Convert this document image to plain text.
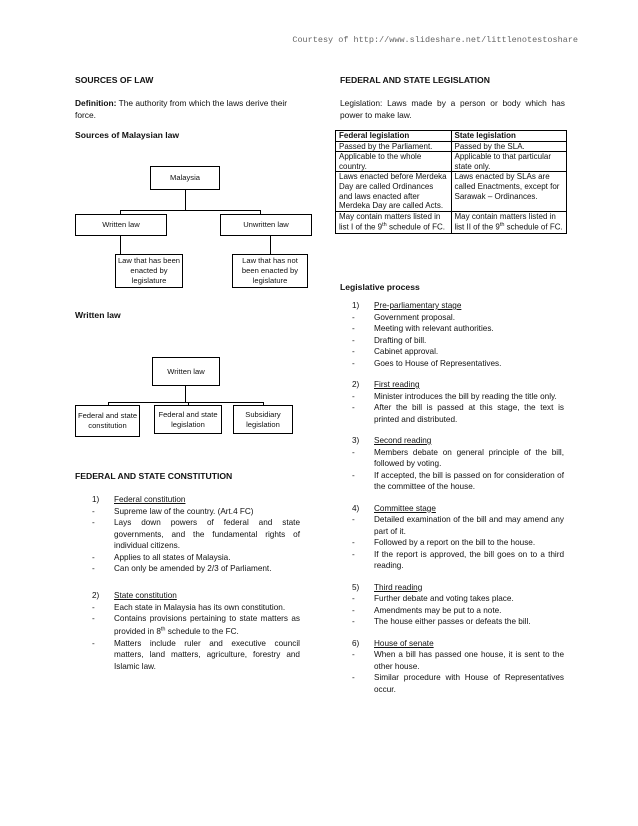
Courtesy of http://www.slideshare.net/littlenotestoshare
SOURCES OF LAW
Definition: The authority from which the laws derive their force.
Sources of Malaysian law
Malaysia
Written law	Unwritten law
Law that has been enacted by legislature
Law that has not been enacted by legislature
Written law
Written law
Federal and state constitution
Federal and state legislation
Subsidiary legislation
FEDERAL AND STATE CONSTITUTION
1) Federal constitution
- Supreme law of the country. (Art.4 FC)
- Lays down powers of federal and state governments, and the fundamental rights of individual citizens.
- Applies to all states of Malaysia.
- Can only be amended by 2/3 of Parliament.
2) State constitution
- Each state in Malaysia has its own constitution.
- Contains provisions pertaining to state matters as provided in 8th schedule to the FC.
- Matters include ruler and executive council matters, land matters, agriculture, forestry and Islamic law.
FEDERAL AND STATE LEGISLATION
Legislation: Laws made by a person or body which has power to make law.
Federal legislation	State legislation
Passed by the Parliament.	Passed by the SLA.
Applicable to the whole country.	Applicable to that particular state only.
Laws enacted before Merdeka Day are called Ordinances and laws enacted after Merdeka Day are called Acts.	Laws enacted by SLAs are called Enactments, except for Sarawak – Ordinances.
May contain matters listed in list I of the 9th schedule of FC.	May contain matters listed in list II of the 9th schedule of FC.
Legislative process
1) Pre-parliamentary stage
- Government proposal.
- Meeting with relevant authorities.
- Drafting of bill.
- Cabinet approval.
- Goes to House of Representatives.
2) First reading
- Minister introduces the bill by reading the title only.
- After the bill is passed at this stage, the text is printed and distributed.
3) Second reading
- Members debate on general principle of the bill, followed by voting.
- If accepted, the bill is passed on for consideration of the committee of the house.
4) Committee stage
- Detailed examination of the bill and may amend any part of it.
- Followed by a report on the bill to the house.
- If the report is approved, the bill goes on to a third reading.
5) Third reading
- Further debate and voting takes place.
- Amendments may be put to a note.
- The house either passes or defeats the bill.
6) House of senate
- When a bill has passed one house, it is sent to the other house.
- Similar procedure with House of Representatives occur.
